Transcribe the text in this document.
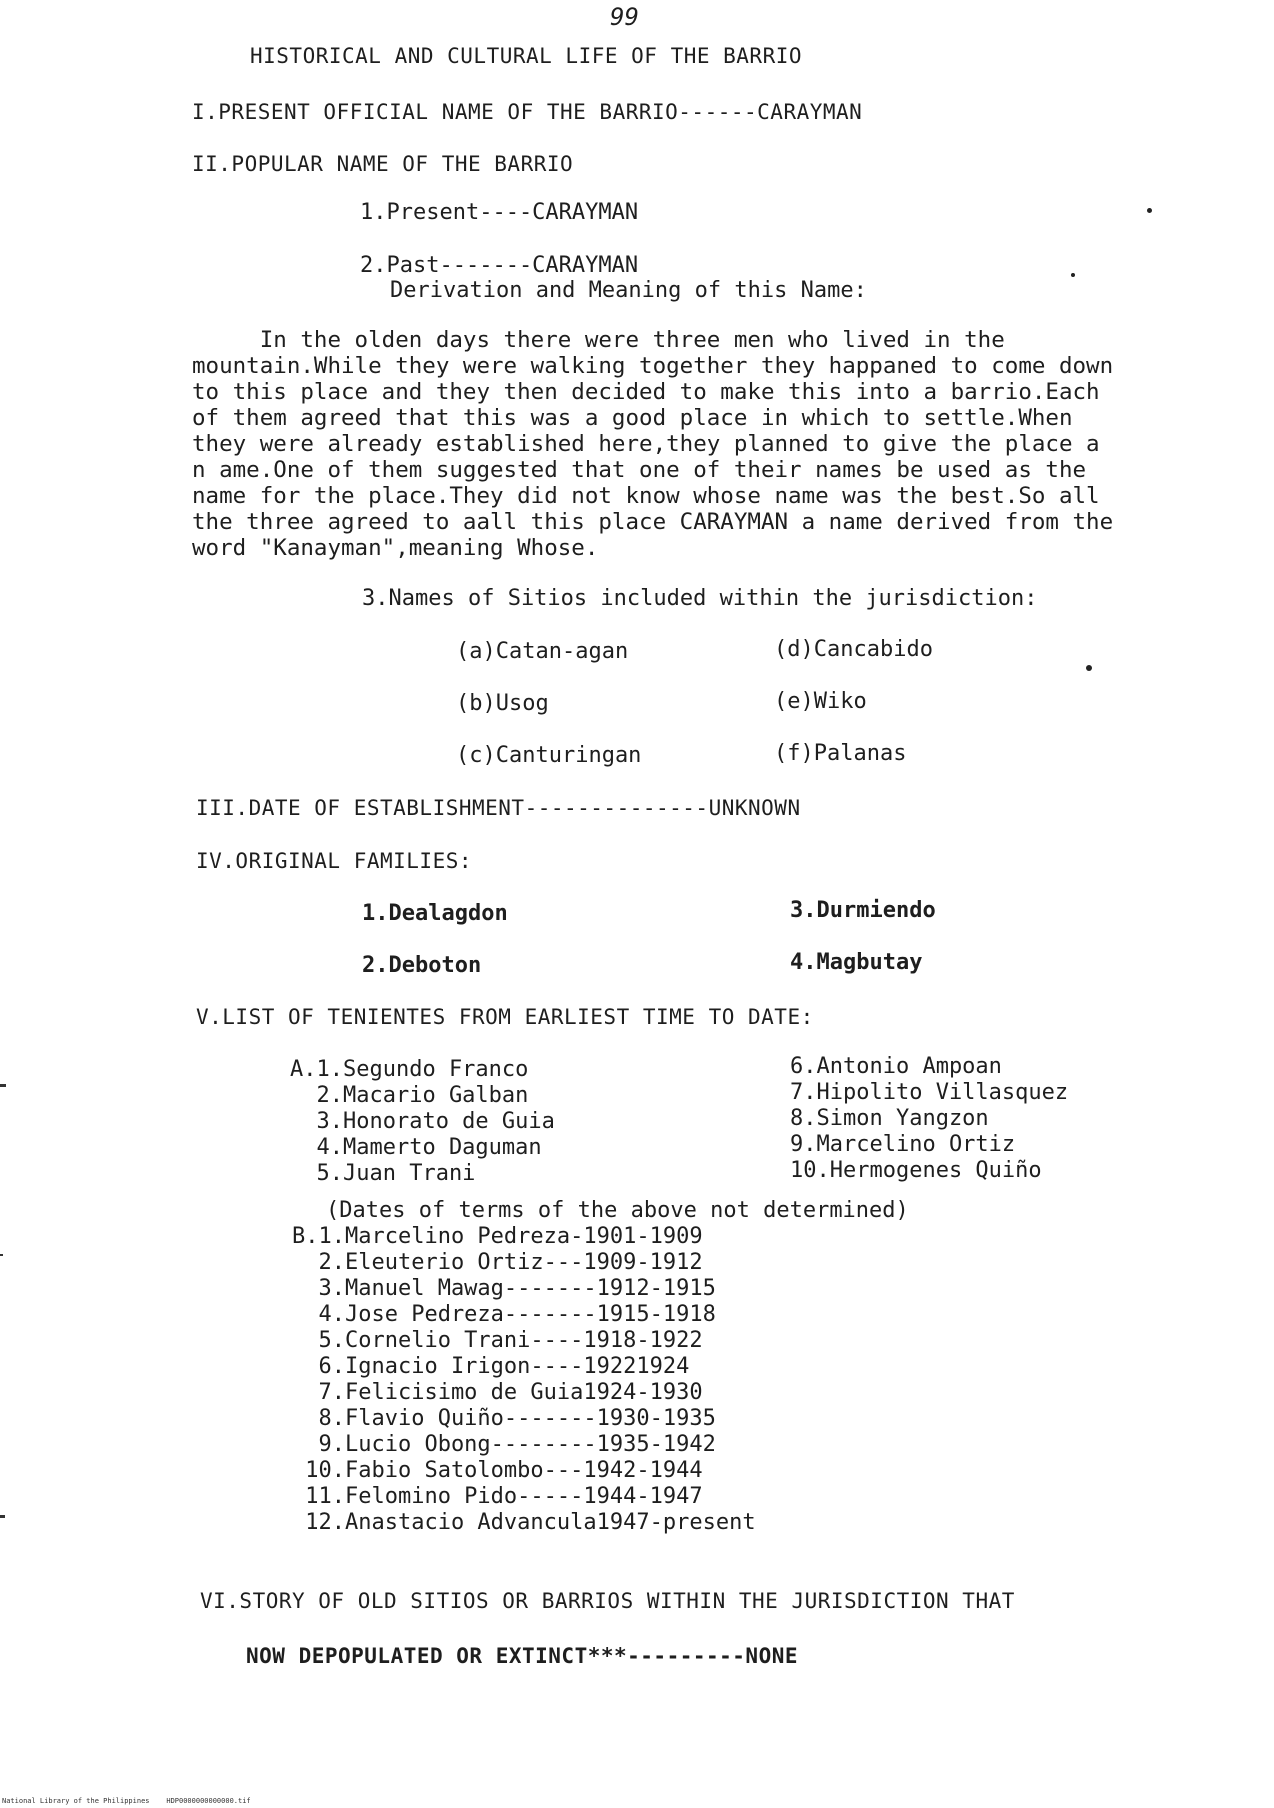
99
HISTORICAL AND CULTURAL LIFE OF THE BARRIO
I.PRESENT OFFICIAL NAME OF THE BARRIO------CARAYMAN
II.POPULAR NAME OF THE BARRIO
1.Present----CARAYMAN
2.Past-------CARAYMAN
Derivation and Meaning of this Name:
In the olden days there were three men who lived in the
mountain.While they were walking together they happaned to come down
to this place and they then decided to make this into a barrio.Each
of them agreed that this was a good place in which to settle.When
they were already established here,they planned to give the place a
n ame.One of them suggested that one of their names be used as the
name for the place.They did not know whose name was the best.So all
the three agreed to aall this place CARAYMAN a name derived from the
word "Kanayman",meaning Whose.
3.Names of Sitios included within the jurisdiction:
(a)Catan-agan
(b)Usog
(c)Canturingan
(d)Cancabido
(e)Wiko
(f)Palanas
III.DATE OF ESTABLISHMENT--------------UNKNOWN
IV.ORIGINAL FAMILIES:
1.Dealagdon
2.Deboton
3.Durmiendo
4.Magbutay
V.LIST OF TENIENTES FROM EARLIEST TIME TO DATE:
A.1.Segundo Franco
2.Macario Galban
3.Honorato de Guia
4.Mamerto Daguman
5.Juan Trani
6.Antonio Ampoan
7.Hipolito Villasquez
8.Simon Yangzon
9.Marcelino Ortiz
10.Hermogenes Quiño
(Dates of terms of the above not determined)
B.1.Marcelino Pedreza-1901-1909
2.Eleuterio Ortiz---1909-1912
3.Manuel Mawag-------1912-1915
4.Jose Pedreza-------1915-1918
5.Cornelio Trani----1918-1922
6.Ignacio Irigon----19221924
7.Felicisimo de Guia1924-1930
8.Flavio Quiño-------1930-1935
9.Lucio Obong--------1935-1942
10.Fabio Satolombo---1942-1944
11.Felomino Pido-----1944-1947
12.Anastacio Advancula1947-present
VI.STORY OF OLD SITIOS OR BARRIOS WITHIN THE JURISDICTION THAT
NOW DEPOPULATED OR EXTINCT***---------NONE
National Library of the Philippines    HDP0000000000000.tif
